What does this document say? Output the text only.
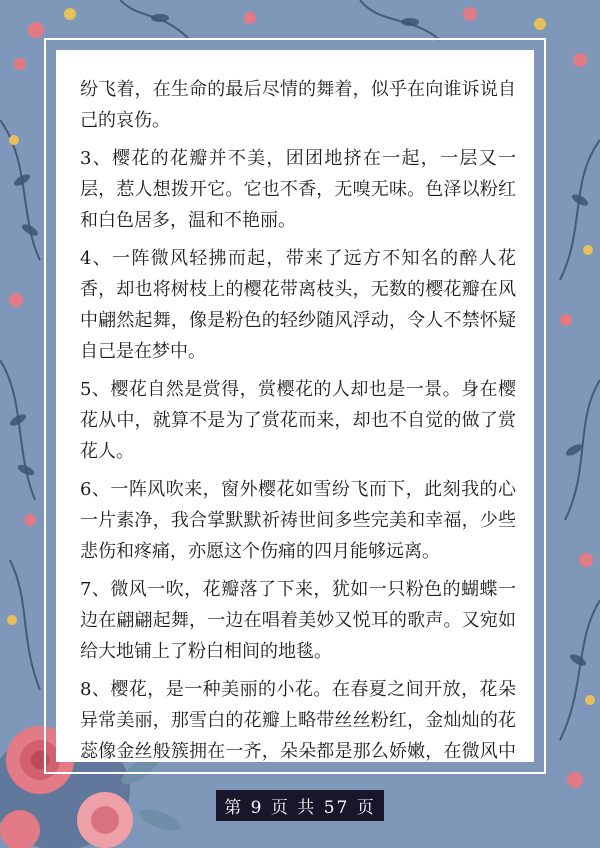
纷飞着，在生命的最后尽情的舞着，似乎在向谁诉说自己的哀伤。

3、樱花的花瓣并不美，团团地挤在一起，一层又一层，惹人想拨开它。它也不香，无嗅无味。色泽以粉红和白色居多，温和不艳丽。

4、一阵微风轻拂而起，带来了远方不知名的醉人花香，却也将树枝上的樱花带离枝头，无数的樱花瓣在风中翩然起舞，像是粉色的轻纱随风浮动，令人不禁怀疑自己是在梦中。

5、樱花自然是赏得，赏樱花的人却也是一景。身在樱花从中，就算不是为了赏花而来，却也不自觉的做了赏花人。

6、一阵风吹来，窗外樱花如雪纷飞而下，此刻我的心一片素净，我合掌默默祈祷世间多些完美和幸福，少些悲伤和疼痛，亦愿这个伤痛的四月能够远离。

7、微风一吹，花瓣落了下来，犹如一只粉色的蝴蝶一边在翩翩起舞，一边在唱着美妙又悦耳的歌声。又宛如给大地铺上了粉白相间的地毯。

8、樱花，是一种美丽的小花。在春夏之间开放，花朵异常美丽，那雪白的花瓣上略带丝丝粉红，金灿灿的花蕊像金丝般簇拥在一齐，朵朵都是那么娇嫩，在微风中

第 9 页 共 57 页
